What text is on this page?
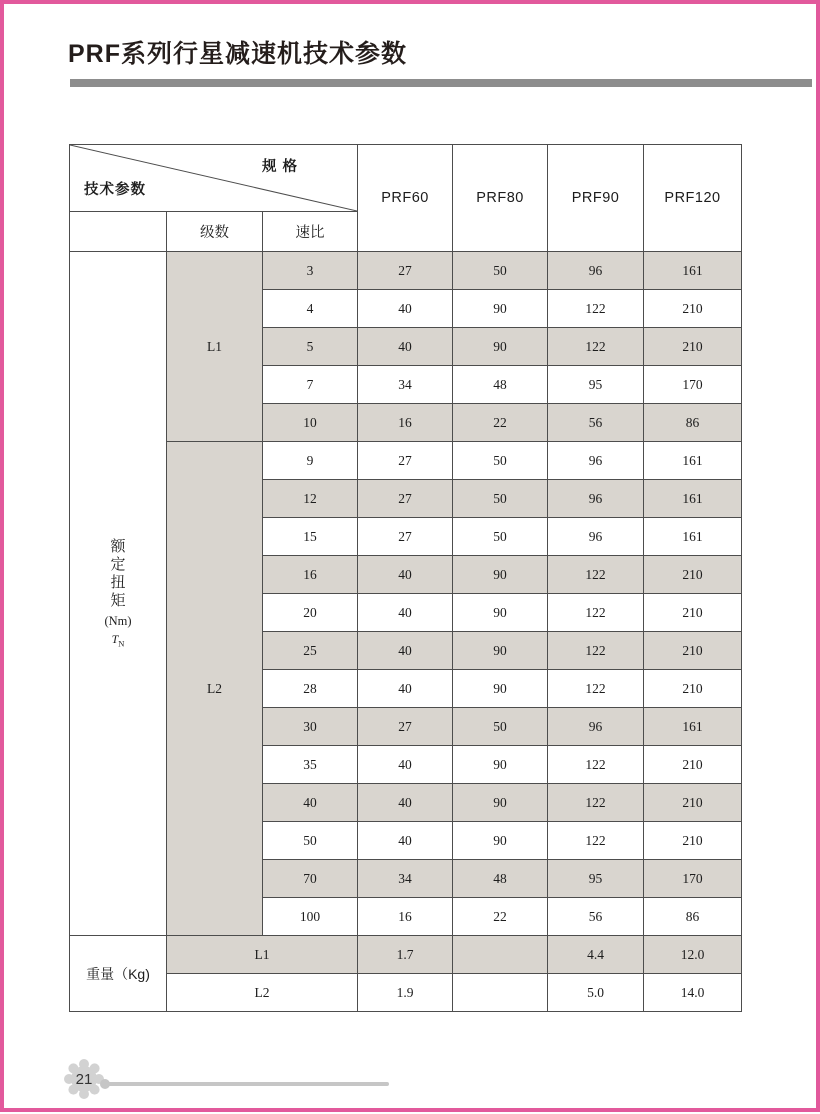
PRF系列行星减速机技术参数
规格
技术参数			PRF60	PRF80	PRF90	PRF120
	级数	速比				

额
定
扭
矩
(Nm)
$T_N$
	L1	3	27	50	96	161
		4	40	90	122	210
		5	40	90	122	210
		7	34	48	95	170
		10	16	22	56	86
	L2	9	27	50	96	161
		12	27	50	96	161
		15	27	50	96	161
		16	40	90	122	210
		20	40	90	122	210
		25	40	90	122	210
		28	40	90	122	210
		30	27	50	96	161
		35	40	90	122	210
		40	40	90	122	210
		50	40	90	122	210
		70	34	48	95	170
		100	16	22	56	86
重量（Kg)	L1		1.7		4.4	12.0
	L2		1.9		5.0	14.0
21
